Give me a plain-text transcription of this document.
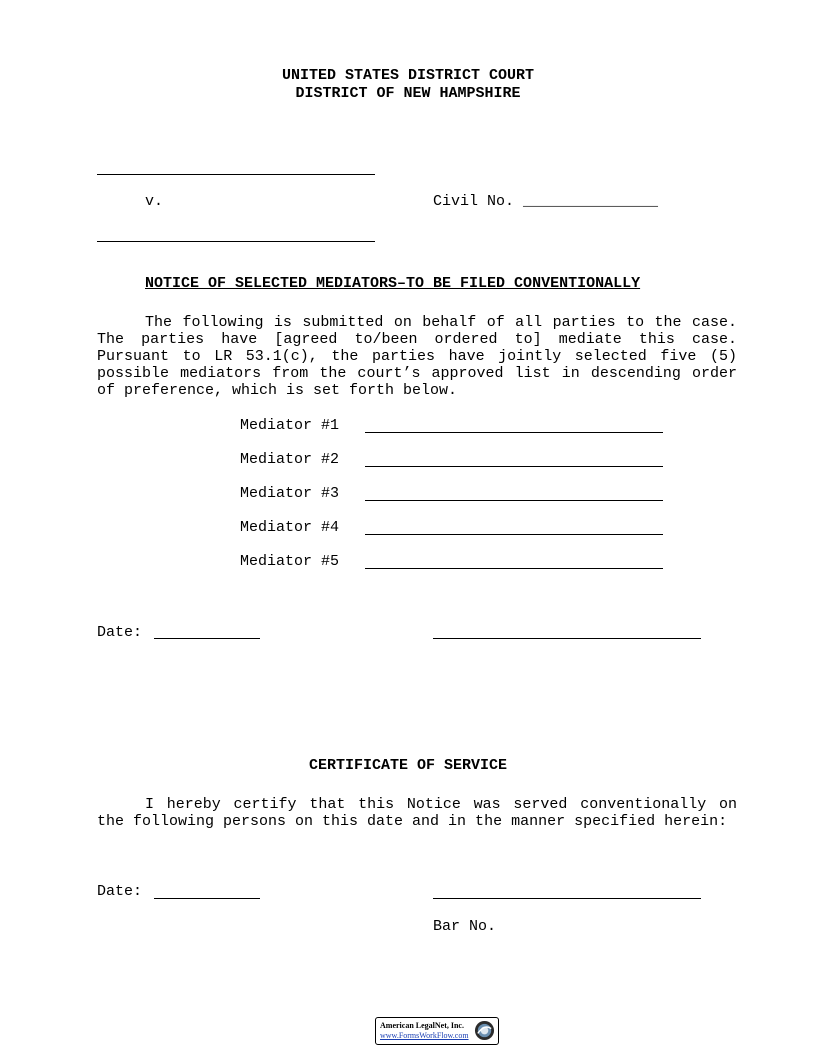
UNITED STATES DISTRICT COURT
DISTRICT OF NEW HAMPSHIRE
v.	Civil No. _______________
NOTICE OF SELECTED MEDIATORS–TO BE FILED CONVENTIONALLY
The following is submitted on behalf of all parties to the case. The parties have [agreed to/been ordered to] mediate this case. Pursuant to LR 53.1(c), the parties have jointly selected five (5) possible mediators from the court’s approved list in descending order of preference, which is set forth below.
Mediator #1
Mediator #2
Mediator #3
Mediator #4
Mediator #5
Date:
CERTIFICATE OF SERVICE
I hereby certify that this Notice was served conventionally on the following persons on this date and in the manner specified herein:
Date:
Bar No.
American LegalNet, Inc.
www.FormsWorkFlow.com
